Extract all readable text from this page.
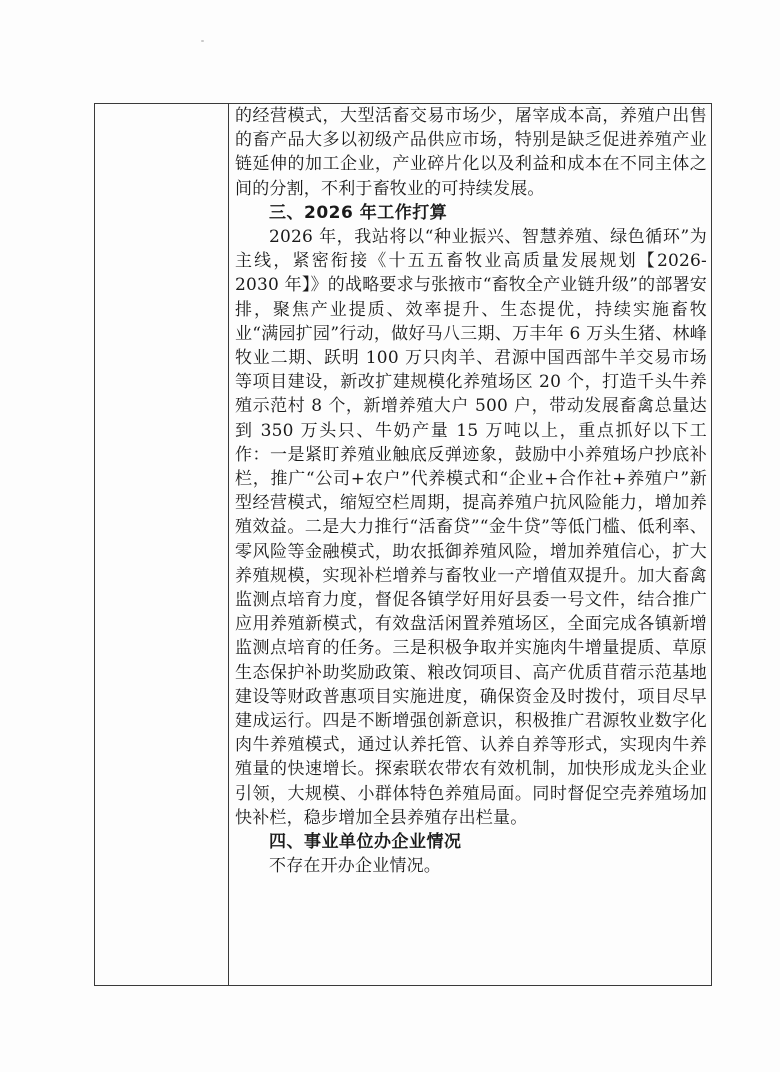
的经营模式，大型活畜交易市场少，屠宰成本高，养殖户出售的畜产品大多以初级产品供应市场，特别是缺乏促进养殖产业链延伸的加工企业，产业碎片化以及利益和成本在不同主体之间的分割，不利于畜牧业的可持续发展。

三、2026 年工作打算

2026 年，我站将以“种业振兴、智慧养殖、绿色循环”为主线，紧密衔接《十五五畜牧业高质量发展规划【2026-2030 年】》的战略要求与张掖市“畜牧全产业链升级”的部署安排，聚焦产业提质、效率提升、生态提优，持续实施畜牧业“满园扩园”行动，做好马八三期、万丰年 6 万头生猪、林峰牧业二期、跃明 100 万只肉羊、君源中国西部牛羊交易市场等项目建设，新改扩建规模化养殖场区 20 个，打造千头牛养殖示范村 8 个，新增养殖大户 500 户，带动发展畜禽总量达到 350 万头只、牛奶产量 15 万吨以上，重点抓好以下工作：一是紧盯养殖业触底反弹迹象，鼓励中小养殖场户抄底补栏，推广“公司+农户”代养模式和“企业+合作社+养殖户”新型经营模式，缩短空栏周期，提高养殖户抗风险能力，增加养殖效益。二是大力推行“活畜贷”“金牛贷”等低门槛、低利率、零风险等金融模式，助农抵御养殖风险，增加养殖信心，扩大养殖规模，实现补栏增养与畜牧业一产增值双提升。加大畜禽监测点培育力度，督促各镇学好用好县委一号文件，结合推广应用养殖新模式，有效盘活闲置养殖场区，全面完成各镇新增监测点培育的任务。三是积极争取并实施肉牛增量提质、草原生态保护补助奖励政策、粮改饲项目、高产优质苜蓿示范基地建设等财政普惠项目实施进度，确保资金及时拨付，项目尽早建成运行。四是不断增强创新意识，积极推广君源牧业数字化肉牛养殖模式，通过认养托管、认养自养等形式，实现肉牛养殖量的快速增长。探索联农带农有效机制，加快形成龙头企业引领，大规模、小群体特色养殖局面。同时督促空壳养殖场加快补栏，稳步增加全县养殖存出栏量。

四、事业单位办企业情况

不存在开办企业情况。
